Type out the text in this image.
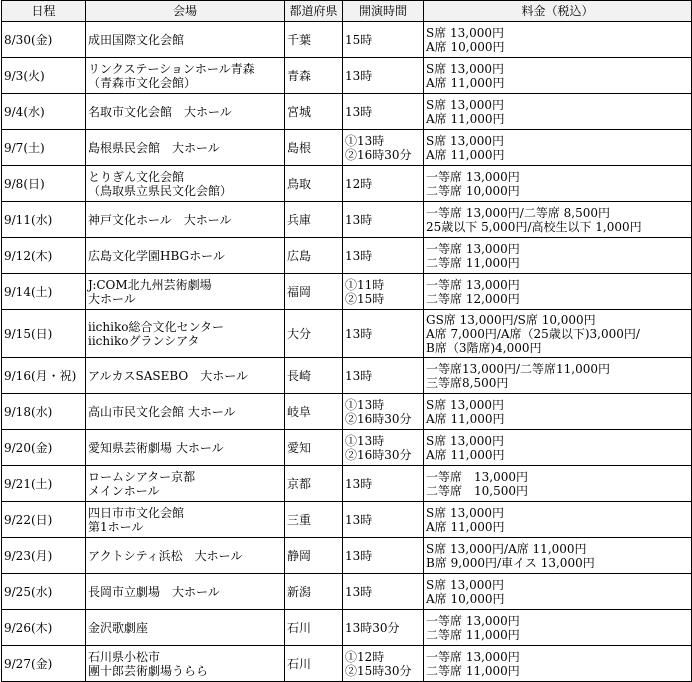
日程	会場	都道府県	開演時間	料金（税込）
8/30(金)	成田国際文化会館	千葉	15時	S席 13,000円
A席 10,000円

9/3(火)	リンクステーションホール青森
（青森市文化会館）	青森	13時	S席 13,000円
A席 11,000円

9/4(水)	名取市文化会館　大ホール	宮城	13時	S席 13,000円
A席 11,000円

9/7(土)	島根県民会館　大ホール	島根	①13時
②16時30分	S席 13,000円
A席 11,000円

9/8(日)	とりぎん文化会館
（鳥取県立県民文化会館）	鳥取	12時	一等席 13,000円
二等席 10,000円

9/11(水)	神戸文化ホール　大ホール	兵庫	13時	一等席 13,000円/二等席 8,500円
25歳以下 5,000円/高校生以下 1,000円

9/12(木)	広島文化学園HBGホール	広島	13時	一等席 13,000円
二等席 11,000円

9/14(土)	J:COM北九州芸術劇場
大ホール	福岡	①11時
②15時	一等席 13,000円
二等席 12,000円

9/15(日)	iichiko総合文化センター
iichikoグランシアタ	大分	13時	GS席 13,000円/S席 10,000円
A席 7,000円/A席（25歳以下)3,000円/
B席（3階席)4,000円

9/16(月・祝)	アルカスSASEBO　大ホール	長崎	13時	一等席13,000円/二等席11,000円
三等席8,500円

9/18(水)	高山市民文化会館 大ホール	岐阜	①13時
②16時30分	S席 13,000円
A席 11,000円

9/20(金)	愛知県芸術劇場 大ホール	愛知	①13時
②16時30分	S席 13,000円
A席 11,000円

9/21(土)	ロームシアター京都
メインホール	京都	13時	一等席　13,000円
二等席　10,500円

9/22(日)	四日市市文化会館
第1ホール	三重	13時	S席 13,000円
A席 11,000円

9/23(月)	アクトシティ浜松　大ホール	静岡	13時	S席 13,000円/A席 11,000円
B席 9,000円/車イス 13,000円

9/25(水)	長岡市立劇場　大ホール	新潟	13時	S席 13,000円
A席 10,000円

9/26(木)	金沢歌劇座	石川	13時30分	一等席 13,000円
二等席 11,000円

9/27(金)	石川県小松市
團十郎芸術劇場うらら	石川	①12時
②15時30分	一等席 13,000円
二等席 11,000円
